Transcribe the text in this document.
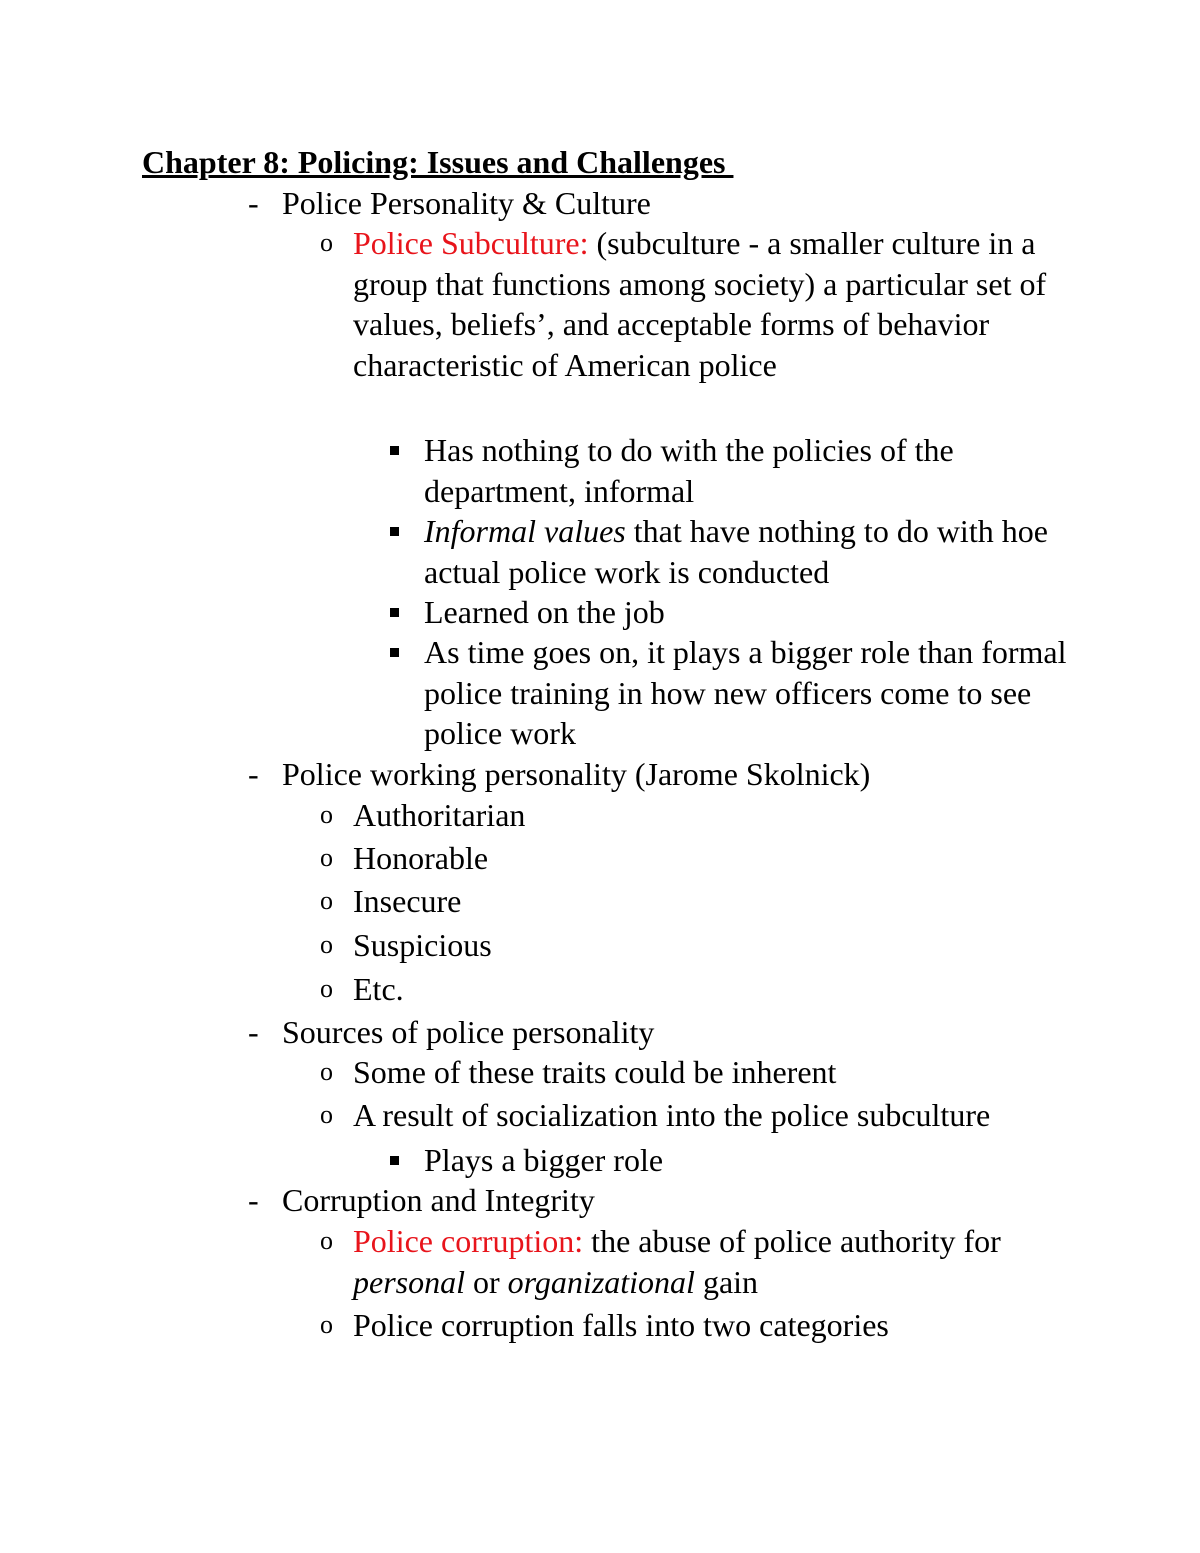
Chapter 8: Policing: Issues and Challenges
- Police Personality & Culture
o Police Subculture: (subculture - a smaller culture in a group that functions among society) a particular set of values, beliefs’, and acceptable forms of behavior characteristic of American police
Has nothing to do with the policies of the department, informal
Informal values that have nothing to do with hoe actual police work is conducted
Learned on the job
As time goes on, it plays a bigger role than formal police training in how new officers come to see police work
- Police working personality (Jarome Skolnick)
o Authoritarian
o Honorable
o Insecure
o Suspicious
o Etc.
- Sources of police personality
o Some of these traits could be inherent
o A result of socialization into the police subculture
Plays a bigger role
- Corruption and Integrity
o Police corruption: the abuse of police authority for personal or organizational gain
o Police corruption falls into two categories
